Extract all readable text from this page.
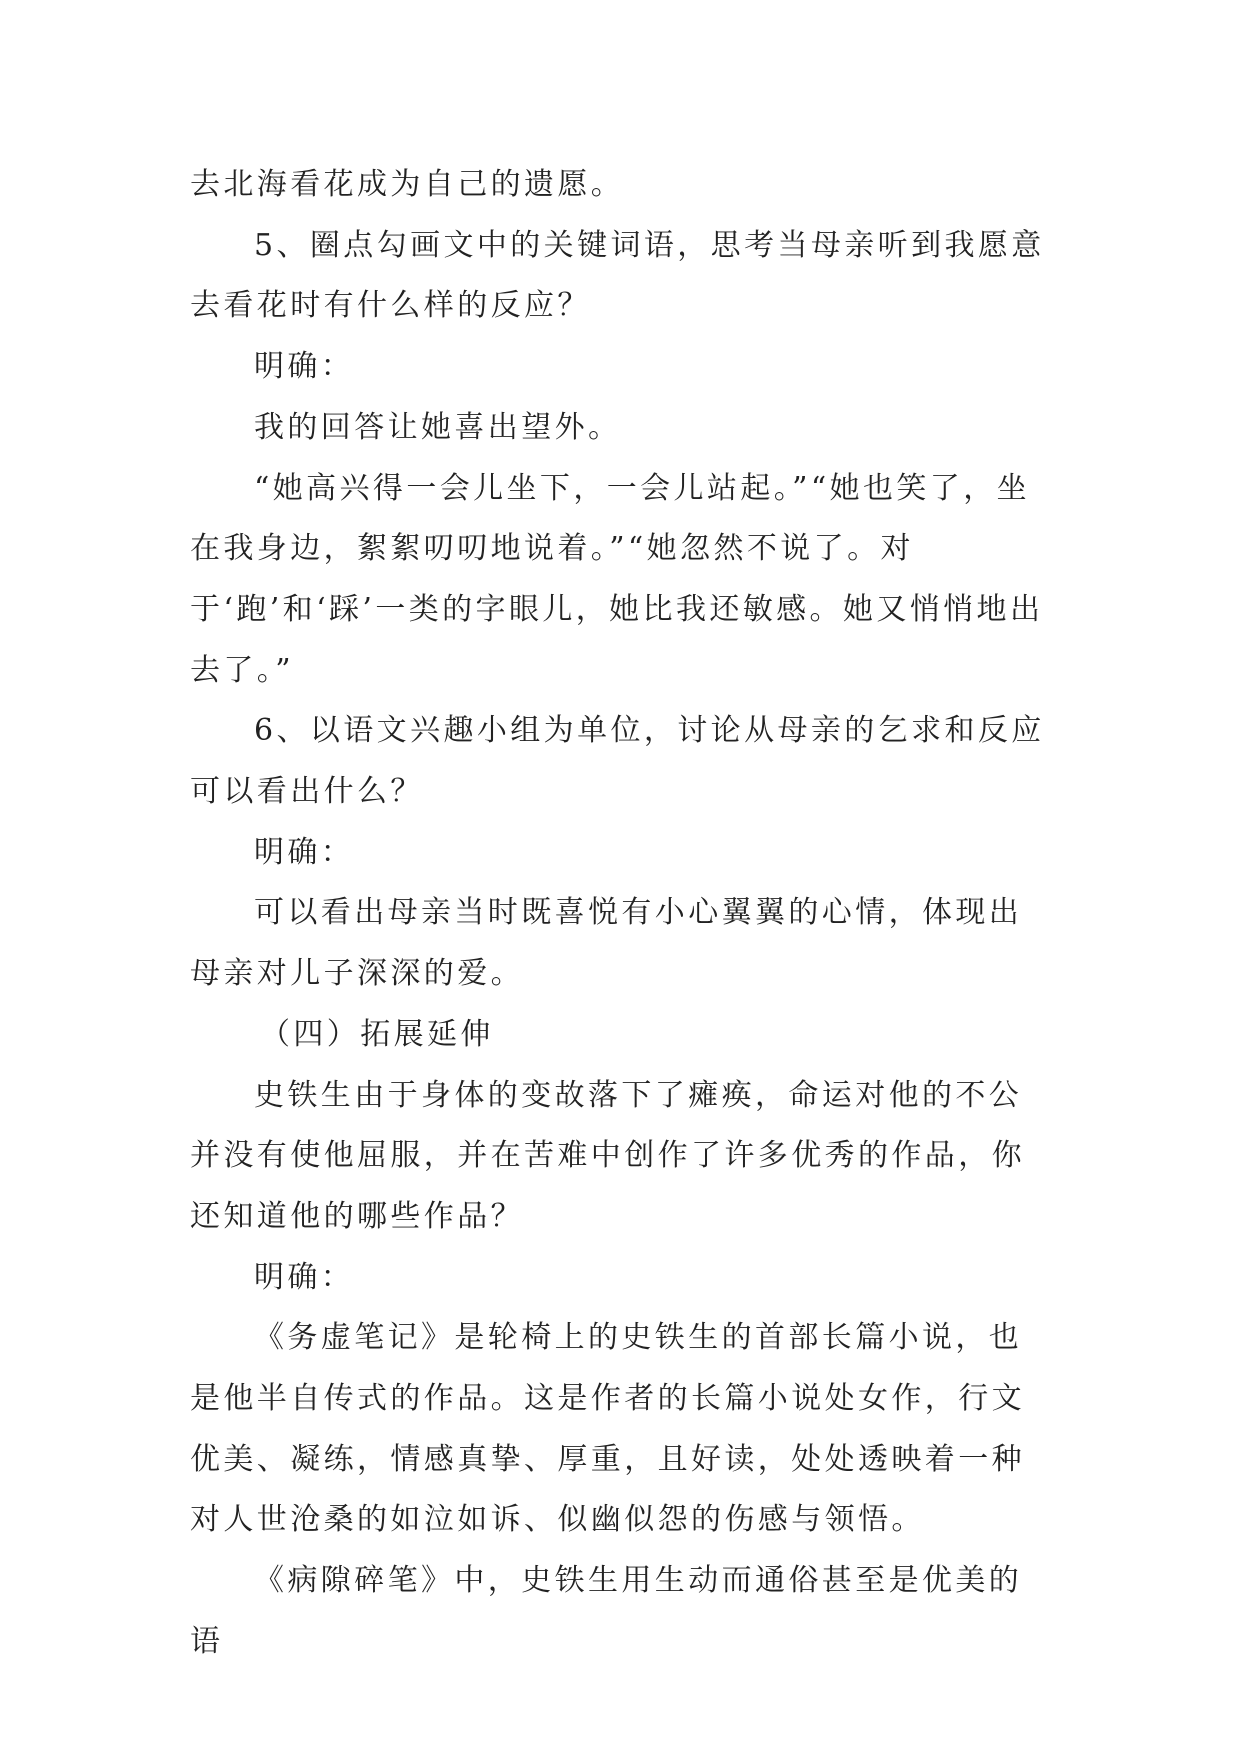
去北海看花成为自己的遗愿。

5、圈点勾画文中的关键词语，思考当母亲听到我愿意去看花时有什么样的反应？

明确：

我的回答让她喜出望外。

“她高兴得一会儿坐下，一会儿站起。”“她也笑了，坐在我身边，絮絮叨叨地说着。”“她忽然不说了。对于‘跑’和‘踩’一类的字眼儿，她比我还敏感。她又悄悄地出去了。”

6、以语文兴趣小组为单位，讨论从母亲的乞求和反应可以看出什么？

明确：

可以看出母亲当时既喜悦有小心翼翼的心情，体现出母亲对儿子深深的爱。

（四）拓展延伸

史铁生由于身体的变故落下了瘫痪，命运对他的不公并没有使他屈服，并在苦难中创作了许多优秀的作品，你还知道他的哪些作品？

明确：

《务虚笔记》是轮椅上的史铁生的首部长篇小说，也是他半自传式的作品。这是作者的长篇小说处女作，行文优美、凝练，情感真挚、厚重，且好读，处处透映着一种对人世沧桑的如泣如诉、似幽似怨的伤感与领悟。

《病隙碎笔》中，史铁生用生动而通俗甚至是优美的语
